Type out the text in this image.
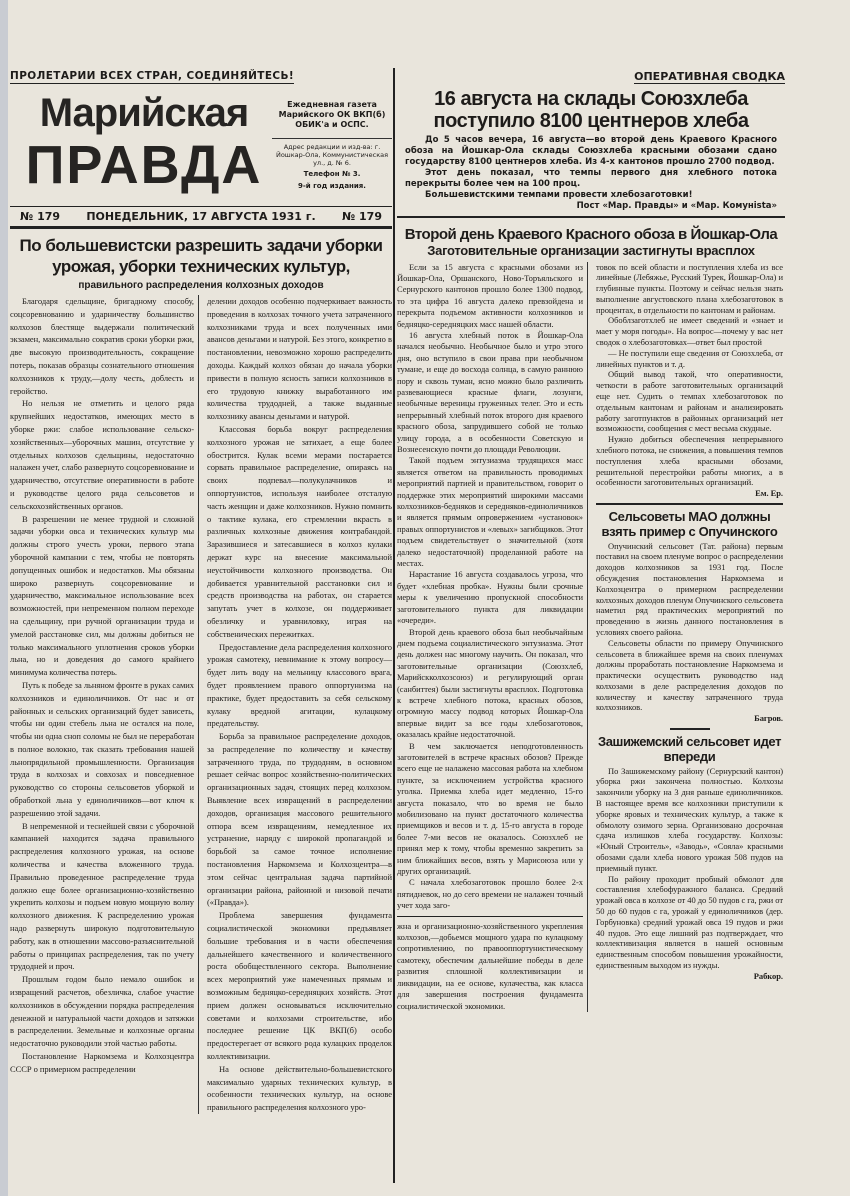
ПРОЛЕТАРИИ ВСЕХ СТРАН, СОЕДИНЯЙТЕСЬ!
Марийская
ПРАВДА
Ежедневная газета Марийского ОК ВКП(б) ОБИК'а и ОСПС.
Адрес редакции и изд-ва: г. Йошкар-Ола, Коммунистическая ул., д. № 6.
Телефон № 3.
9-й год издания.
№ 179 ПОНЕДЕЛЬНИК, 17 АВГУСТА 1931 г. № 179
По большевистски разрешить задачи уборки урожая, уборки технических культур,
правильного распределения колхозных доходов

Благодаря сдельщине, бригадному способу, соцсоревнованию и ударничеству большинство колхозов блестяще выдержали политический экзамен, максимально сократив сроки уборки ржи, две высокую производительность, сокращение потерь, показав образцы сознательного отношения колхозников к труду,—долу честь, доблесть и геройство.

Но нельзя не отметить и целого ряда крупнейших недостатков, имеющих место в уборке ржи: слабое использование сельско-хозяйственных—уборочных машин, отсутствие у отдельных колхозов сдельщины, недостаточно налажен учет, слабо развернуто соцсоревнование и ударничество, отсутствие оперативности в работе и руководстве целого ряда сельсоветов и сельскохозяйственных органов.

В разрешении не менее трудной и сложной задачи уборки овса и технических культур мы должны строго учесть уроки, первого этапа уборочной кампании с тем, чтобы не повторять допущенных ошибок и недостатков. Мы обязаны широко развернуть соцсоревнование и ударничество, максимальное использование всех возможностей, при непременном полном переходе на сдельщину, при ручной организации труда и умелой расстановке сил, мы должны добиться не только максимального уплотнения сроков уборки льна, но и доведения до самого крайнего минимума количества потерь.

Путь к победе за льняном фронте в руках самих колхозников и единоличников. От нас и от районных и сельских организаций будет зависеть, чтобы ни один стебель льна не остался на поле, чтобы ни одна сноп соломы не был не переработан в полное волокно, так сказать требования нашей льнопрядильной промышленности. Организация труда в колхозах и совхозах и повседневное руководство со стороны сельсоветов уборкой и обработкой льна у единоличников—вот ключ к разрешению этой задачи.

В непременной и теснейшей связи с уборочной кампанией находится задача правильного распределения колхозного урожая, на основе количества и качества вложенного труда. Правильно проведенное распределение труда должно еще более организационно-хозяйственно укрепить колхозы и подъем новую мощную волну колхозного движения. К распределению урожая надо развернуть широкую подготовительную работу, как в отношении массово-разъяснительной работы о принципах распределения, так по учету трудодней и проч.

Прошлым годом было немало ошибок и извращений расчетов, обезличка, слабое участие колхозников в обсуждении порядка распределения денежной и натуральной части доходов и затяжки в распределении. Земельные и колхозные органы недостаточно руководили этой частью работы.

Постановление Наркомзема и Колхозцентра СССР о примерном распределении

делении доходов особенно подчеркивает важность проведения в колхозах точного учета затраченного колхозниками труда и всех полученных ими авансов деньгами и натурой. Без этого, конкретно в постановлении, невозможно хорошо распределить доходы. Каждый колхоз обязан до начала уборки привести в полную ясность записи колхозников в его трудовую книжку выработанного им количества трудодней, а также выданные колхознику авансы деньгами и натурой.

Классовая борьба вокруг распределения колхозного урожая не затихает, а еще более обострится. Кулак всеми мерами постарается сорвать правильное распределение, опираясь на своих подпевал—полукулачников и оппортунистов, используя наиболее отсталую часть женщин и даже колхозников. Нужно помнить о тактике кулака, его стремлении вкрасть в различных колхозные движения контрабандой. Заразившиеся и затесавшиеся в колхоз кулаки держат курс на внесение максимальной неустойчивости колхозного производства. Он добивается уравнительной расстановки сил и средств производства на работах, он старается запутать учет в колхозе, он поддерживает обезличку и уравниловку, играя на собственических пережитках.

Предоставление дела распределения колхозного урожая самотеку, невнимание к этому вопросу—будет лить воду на мельницу классового врага, будет проявлением правого оппортунизма на практике, будет предоставить за себя сельскому кулаку вредной агитации, кулацкому предательству.

Борьба за правильное распределение доходов, за распределение по количеству и качеству затраченного труда, по трудодням, в основном решает сейчас вопрос хозяйственно-политических организационных задач, стоящих перед колхозом. Выявление всех извращений в распределении доходов, организация массового решительного отпора всем извращениям, немедленное их устранение, наряду с широкой пропагандой и борьбой за самое точное исполнение постановления Наркомзема и Колхозцентра—в этом сейчас центральная задача партийной организации района, районной и низовой печати («Правда»).

Проблема завершения фундамента социалистической экономики предъявляет большие требования и в части обеспечения дальнейшего качественного и количественного роста обобществленного сектора. Выполнение всех мероприятий уже намеченных прямым и возможным бедняцко-середняцких хозяйств. Этот прием должен основываться исключительно советами и колхозами строительстве, ибо последнее решение ЦК ВКП(б) особо предостерегает от всякого рода кулацких проделок коллективизации.

На основе действительно-большевистского максимально ударных технических культур, в особенности технических культур, на основе правильного распределения колхозного уро-

ОПЕРАТИВНАЯ СВОДКА
16 августа на склады Союзхлеба поступило 8100 центнеров хлеба

До 5 часов вечера, 16 августа—во второй день Краевого Красного обоза на Йошкар-Ола склады Союзхлеба красными обозами сдано государству 8100 центнеров хлеба. Из 4-х кантонов прошло 2700 подвод.

Этот день показал, что темпы первого дня хлебного потока перекрыты более чем на 100 проц.

Большевистскими темпами провести хлебозаготовки!

Пост «Мар. Правды» и «Мар. Комунista»
Второй день Краевого Красного обоза в Йошкар-Ола
Заготовительные организации застигнуты врасплох

Если за 15 августа с красными обозами из Йошкар-Ола, Оршанского, Ново-Торъяльского и Сернурского кантонов прошло более 1300 подвод, то эта цифра 16 августа далеко превзойдена и перекрыта подъемом активности колхозников и бедняцко-середняцких масс нашей области.

16 августа хлебный поток в Йошкар-Ола начался необычно. Необычное было и утро этого дня, оно вступило в свои права при необычном тумане, и еще до восхода солнца, в самую раннюю пору и сквозь туман, ясно можно было различить развевающиеся красные флаги, лозунги, необычные вереницы груженных телег. Это и есть непрерывный хлебный поток второго дня краевого красного обоза, запрудившего собой не только улицу города, а в особенности Советскую и Вознесенскую почти до площади Революции.

Такой подъем энтузиазма трудящихся масс является ответом на правильность проводимых мероприятий партией и правительством, говорит о поддержке этих мероприятий широкими массами колхозников-бедняков и середняков-единоличников и является прямым опровержением «установок» правых оппортунистов и «левых» загибщиков. Этот подъем свидетельствует о значительной (хотя далеко недостаточной) проделанной работе на местах.

Нарастание 16 августа создавалось угроза, что будет «хлебная пробка». Нужны были срочные меры к увеличению пропускной способности заготовительного пункта для ликвидации «очереди».

Второй день краевого обоза был необычайным днем подъема социалистического энтузиазма. Этот день должен нас многому научить. Он показал, что заготовительные организации (Союзхлеб, Марийскколхозсоюз) и регулирующий орган (санбиттея) были застигнуты врасплох. Подготовка к встрече хлебного потока, красных обозов, огромную массу подвод которых Йошкар-Ола впервые видит за все годы хлебозаготовок, оказалась крайне недостаточной.

В чем заключается неподготовленность заготовителей в встрече красных обозов? Прежде всего еще не налажено массовая работа на хлебном пункте, за исключением устройства красного уголка. Приемка хлеба идет медленно, 15-го августа показало, что во время не было мобилизовано на пункт достаточного количества приемщиков и весов и т. д. 15-го августа в городе более 7-ми весов не оказалось. Союзхлеб не принял мер к тому, чтобы временно закрепить за ним ближайших весов, взять у Марисоюза или у других организаций.

С начала хлебозаготовок прошло более 2-х пятидневок, но до сего времени не налажен точный учет хода заго-

жна и организационно-хозяйственного укрепления колхозов,—добьемся мощного удара по кулацкому сопротивлению, по правооппортунистическому самотеку, обеспечим дальнейшие победы в деле развития сплошной коллективизации и ликвидации, на ее основе, кулачества, как класса для завершения построения фундамента социалистической экономики.

товок по всей области и поступления хлеба из все линейные (Лебяжье, Русский Турек, Йошкар-Ола) и глубинные пункты. Поэтому и сейчас нельзя знать выполнение августовского плана хлебозаготовок в процентах, в отдельности по кантонам и районам.

Обоблзаготхлеб не имеет сведений и «знает и мает у моря погоды». На вопрос—почему у вас нет сводок о хлебозаготовках—ответ был простой

— Не поступили еще сведения от Союзхлеба, от линейных пунктов и т. д.

Общий вывод такой, что оперативности, четкости в работе заготовительных организаций еще нет. Судить о темпах хлебозаготовок по отдельным кантонам и районам и анализировать работу заготпунктов в районных организаций нет возможности, сообщения с мест весьма скудные.

Нужно добиться обеспечения непрерывного хлебного потока, не снижения, а повышения темпов поступления хлеба красными обозами, решительной перестройки работы многих, а в особенности заготовительных организаций.

Ем. Ер.
Сельсоветы МАО должны взять пример с Опучинского

Опучинский сельсовет (Тат. района) первым поставил на своем пленуме вопрос о распределении доходов колхозников за 1931 год. После обсуждения постановления Наркомзема и Колхозцентра о примерном распределении колхозных доходов пленум Опучинского сельсовета наметил ряд практических мероприятий по проведению в жизнь данного постановления в условиях своего района.

Сельсоветы области по примеру Опучинского сельсовета в ближайшее время на своих пленумах должны проработать постановление Наркомзема и практически осуществить руководство над колхозами в деле распределения доходов по количеству и качеству затраченного труда колхозников.

Багров.
Зашижемский сельсовет идет впереди

По Зашижемскому району (Сернурский кантон) уборка ржи закончена полностью. Колхозы закончили уборку на 3 дня раньше единоличников. В настоящее время все колхозники приступили к уборке яровых и технических культур, а также к обмолоту озимого зерна. Организовано досрочная сдача излишков хлеба государству. Колхозы: «Юный Строитель», «Заводь», «Сояла» красными обозами сдали хлеба нового урожая 508 пудов на приемный пункт.

По району проходит пробный обмолот для составления хлебофуражного баланса. Средний урожай овса в колхозе от 40 до 50 пудов с га, ржи от 50 до 60 пудов с га, урожай у единоличников (дер. Горбуновка) средний урожай овса 19 пудов и ржи 40 пудов. Это еще лишний раз подтверждает, что коллективизация является в нашей основным единственным способом повышения урожайности, единственным выходом из нужды.

Рабкор.
